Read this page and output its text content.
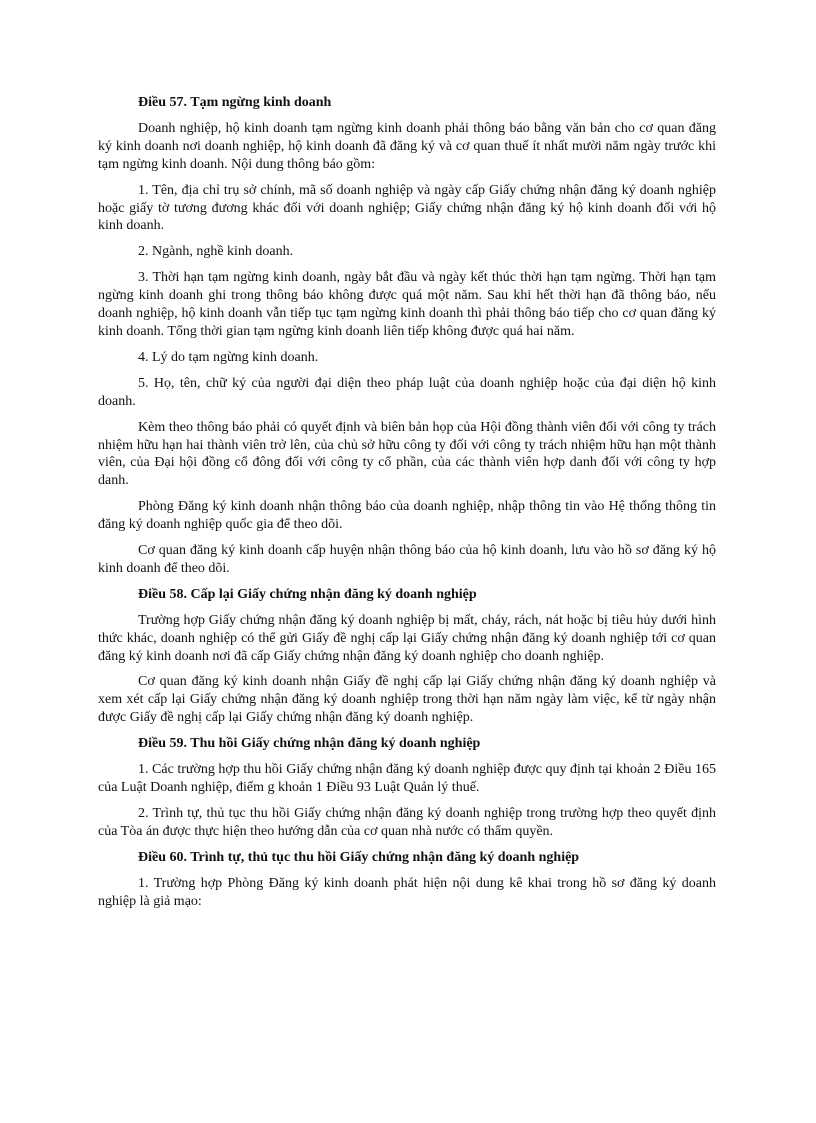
Điều 57. Tạm ngừng kinh doanh

Doanh nghiệp, hộ kinh doanh tạm ngừng kinh doanh phải thông báo bằng văn bản cho cơ quan đăng ký kinh doanh nơi doanh nghiệp, hộ kinh doanh đã đăng ký và cơ quan thuế ít nhất mười năm ngày trước khi tạm ngừng kinh doanh. Nội dung thông báo gồm:

1. Tên, địa chỉ trụ sở chính, mã số doanh nghiệp và ngày cấp Giấy chứng nhận đăng ký doanh nghiệp hoặc giấy tờ tương đương khác đối với doanh nghiệp; Giấy chứng nhận đăng ký hộ kinh doanh đối với hộ kinh doanh.

2. Ngành, nghề kinh doanh.

3. Thời hạn tạm ngừng kinh doanh, ngày bắt đầu và ngày kết thúc thời hạn tạm ngừng. Thời hạn tạm ngừng kinh doanh ghi trong thông báo không được quá một năm. Sau khi hết thời hạn đã thông báo, nếu doanh nghiệp, hộ kinh doanh vẫn tiếp tục tạm ngừng kinh doanh thì phải thông báo tiếp cho cơ quan đăng ký kinh doanh. Tổng thời gian tạm ngừng kinh doanh liên tiếp không được quá hai năm.

4. Lý do tạm ngừng kinh doanh.

5. Họ, tên, chữ ký của người đại diện theo pháp luật của doanh nghiệp hoặc của đại diện hộ kinh doanh.

Kèm theo thông báo phải có quyết định và biên bản họp của Hội đồng thành viên đối với công ty trách nhiệm hữu hạn hai thành viên trở lên, của chủ sở hữu công ty đối với công ty trách nhiệm hữu hạn một thành viên, của Đại hội đồng cổ đông đối với công ty cổ phần, của các thành viên hợp danh đối với công ty hợp danh.

Phòng Đăng ký kinh doanh nhận thông báo của doanh nghiệp, nhập thông tin vào Hệ thống thông tin đăng ký doanh nghiệp quốc gia để theo dõi.

Cơ quan đăng ký kinh doanh cấp huyện nhận thông báo của hộ kinh doanh, lưu vào hồ sơ đăng ký hộ kinh doanh để theo dõi.

Điều 58. Cấp lại Giấy chứng nhận đăng ký doanh nghiệp

Trường hợp Giấy chứng nhận đăng ký doanh nghiệp bị mất, cháy, rách, nát hoặc bị tiêu hủy dưới hình thức khác, doanh nghiệp có thể gửi Giấy đề nghị cấp lại Giấy chứng nhận đăng ký doanh nghiệp tới cơ quan đăng ký kinh doanh nơi đã cấp Giấy chứng nhận đăng ký doanh nghiệp cho doanh nghiệp.

Cơ quan đăng ký kinh doanh nhận Giấy đề nghị cấp lại Giấy chứng nhận đăng ký doanh nghiệp và xem xét cấp lại Giấy chứng nhận đăng ký doanh nghiệp trong thời hạn năm ngày làm việc, kể từ ngày nhận được Giấy đề nghị cấp lại Giấy chứng nhận đăng ký doanh nghiệp.

Điều 59. Thu hồi Giấy chứng nhận đăng ký doanh nghiệp

1. Các trường hợp thu hồi Giấy chứng nhận đăng ký doanh nghiệp được quy định tại khoản 2 Điều 165 của Luật Doanh nghiệp, điểm g khoản 1 Điều 93 Luật Quản lý thuế.

2. Trình tự, thủ tục thu hồi Giấy chứng nhận đăng ký doanh nghiệp trong trường hợp theo quyết định của Tòa án được thực hiện theo hướng dẫn của cơ quan nhà nước có thẩm quyền.

Điều 60. Trình tự, thủ tục thu hồi Giấy chứng nhận đăng ký doanh nghiệp

1. Trường hợp Phòng Đăng ký kinh doanh phát hiện nội dung kê khai trong hồ sơ đăng ký doanh nghiệp là giả mạo:
